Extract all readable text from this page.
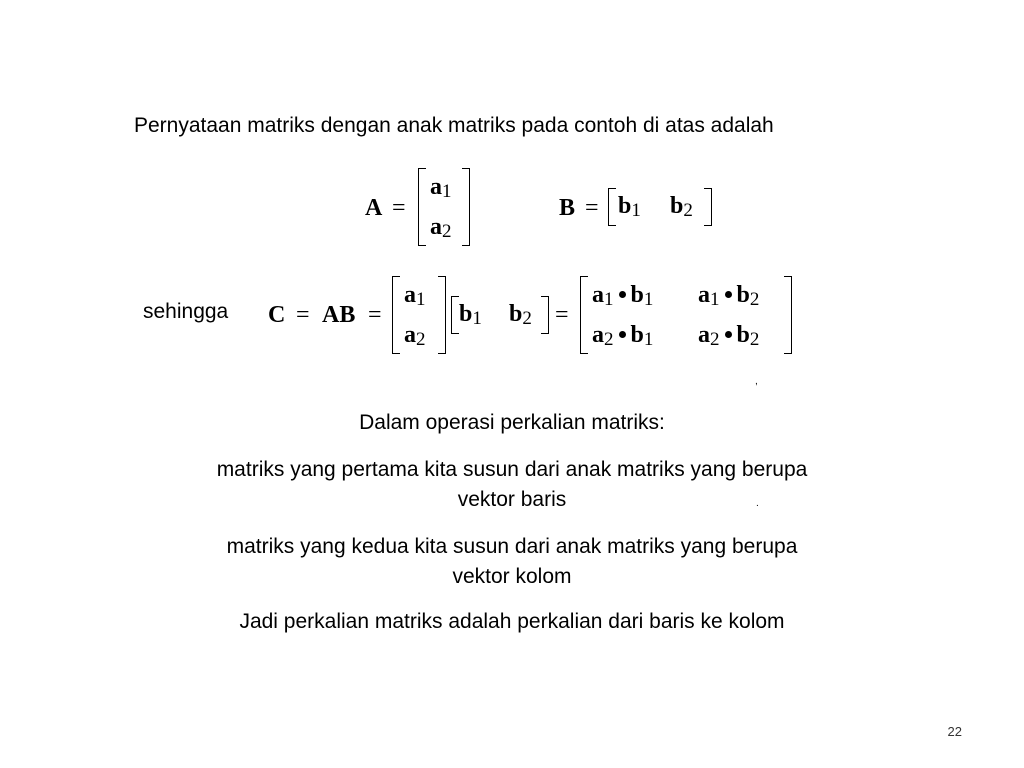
Pernyataan matriks dengan anak matriks pada contoh di atas adalah
A =
a1
a2
B = b1 b2
sehingga C = AB =
a1
a2
b1 b2 =
a1 b1 a1 b2
a2 b1 a2 b2
,
.
Dalam operasi perkalian matriks:
matriks yang pertama kita susun dari anak matriks yang berupa
vektor baris
matriks yang kedua kita susun dari anak matriks yang berupa
vektor kolom
Jadi perkalian matriks adalah perkalian dari baris ke kolom
22
